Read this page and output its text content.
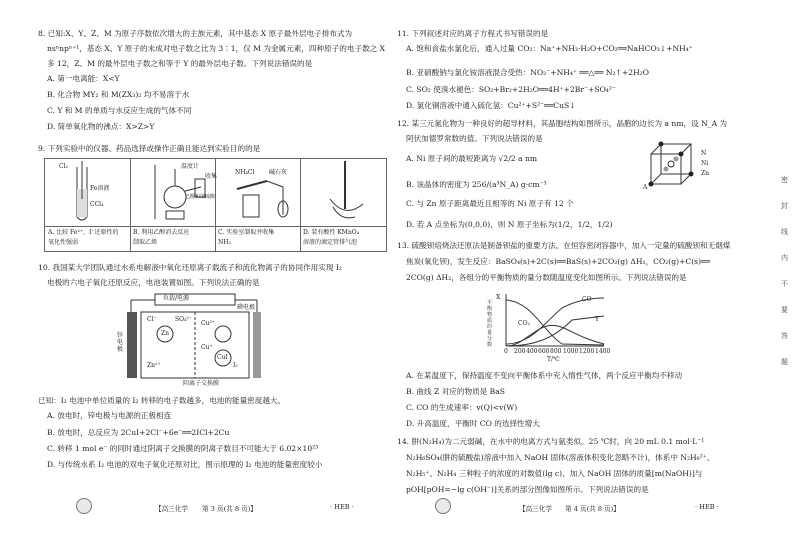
8. 已知:X、Y、Z、M 为原子序数依次增大的主族元素，其中基态 X 原子最外层电子排布式为
nsⁿnpⁿ⁺¹，基态 X、Y 原子的未成对电子数之比为 3∶1，仅 M 为金属元素，四种原子的电子数之 X
多 12，Z、M 的最外层电子数之和等于 Y 的最外层电子数。下列说法错误的是
A. 第一电离能：X<Y
B. 化合物 MY₂ 和 M(ZX₃)₂ 均不易溶于水
C. Y 和 M 的单质与水反应生成的气体不同
D. 简单氧化物的沸点：X>Z>Y
9. 下列实验中的仪器、药品选择或操作正确且能达到实验目的的是
Cl₂
Fe溶液
CCl₄
温度计
收集
乙醇和浓硫酸
NH₄Cl 碱石灰
A. 比较 Fe²⁺、I⁻还原性的
氧化性强弱
B. 利用乙醇消去反应
制取乙烯
C. 实验室制取并收集
NH₃
D. 装有酸性 KMnO₄
溶液的滴定管排气泡
10. 我国某大学团队通过水系电解液中氧化还原离子载流子和流化物离子的协同作用实现 I₂
电极的六电子氧化还原反应，电池装置如图。下列说法正确的是
负载/电源
锌电极
碘电极
阴离子交换膜
Cl⁻	SO₄²⁻
Zn
Cu²⁺
Cu⁺
Zn²⁺	I₂
CuI
已知：I₂ 电池中单位质量的 I₂ 转移的电子数越多，电池的能量密度越大。
A. 放电时，锌电极与电源的正极相连
B. 放电时，总反应为 2CuI+2Cl⁻+6e⁻══2ICl+2Cu
C. 转移 1 mol e⁻ 的同时通过阴离子交换膜的阴离子数目不可能大于 6.02×10²³
D. 与传统水系 I₂ 电池的双电子氧化还原对比，图示原理的 I₂ 电池的能量密度较小
【高三化学 第 3 页(共 8 页)】	· HEB ·
11. 下列叙述对应的离子方程式书写错误的是
A. 饱和食盐水氯化后，通入过量 CO₂：Na⁺+NH₃·H₂O+CO₂══NaHCO₃↓+NH₄⁺
B. 亚硝酸钠与氯化铵溶液混合受热：NO₂⁻+NH₄⁺ ══△══ N₂↑+2H₂O
C. SO₂ 使溴水褪色：SO₂+Br₂+2H₂O══4H⁺+2Br⁻+SO₄²⁻
D. 氯化铜溶液中通入硫化氢：Cu²⁺+S²⁻══CuS↓
12. 某三元氮化物为一种良好的超导材料，其晶胞结构如图所示，晶胞的边长为 a nm，设 N_A 为
阿伏加德罗常数的值。下列说法错误的是
A. Ni 原子间的最短距离为 √2/2 a nm
B. 该晶体的密度为 256/(a³N_A) g·cm⁻³
C. 与 Zn 原子距离最近且相等的 Ni 原子有 12 个
D. 若 A 点坐标为(0,0,0)，则 N 原子坐标为(1/2，1/2，1/2)
A
N
Ni
Zn
13. 硫酸钡焙烧法还原法是制备钡盐的重要方法。在恒容密闭容器中，加入一定量的硫酸钡和无烟煤
焦炭(氧化钡)，发生反应：BaSO₄(s)+2C(s)══BaS(s)+2CO₂(g) ΔH₁，CO₂(g)+C(s)══
2CO(g) ΔH₂，各组分的平衡物质的量分数随温度变化如图所示。下列说法错误的是
X	CO
CO₂
Y
平衡物质的量分数
0 200 400 600 800 1000 1200 1400
T/℃
A. 在某温度下，保持温度不变向平衡体系中充入惰性气体，两个反应平衡均不移动
B. 曲线 Z 对应的物质是 BaS
C. CO 的生成速率：v(Q)<v(W)
D. 升高温度，平衡时 CO 的选择性增大
14. 肼(N₂H₄)为二元弱碱，在水中的电离方式与氨类似。25 ℃时，向 20 mL 0.1 mol·L⁻¹
N₂H₆SO₄(肼的硫酸盐)溶液中加入 NaOH 固体(溶液体积变化忽略不计)，体系中 N₂H₆²⁺、
N₂H₅⁺、N₂H₄ 三种粒子的浓度的对数值(lg c)、加入 NaOH 固体的质量[m(NaOH)]与
pOH[pOH=−lg c(OH⁻)]关系的部分图像如图所示。下列说法错误的是
【高三化学 第 4 页(共 8 页)】	· HEB ·
密
封
线
内
不
要
答
题
